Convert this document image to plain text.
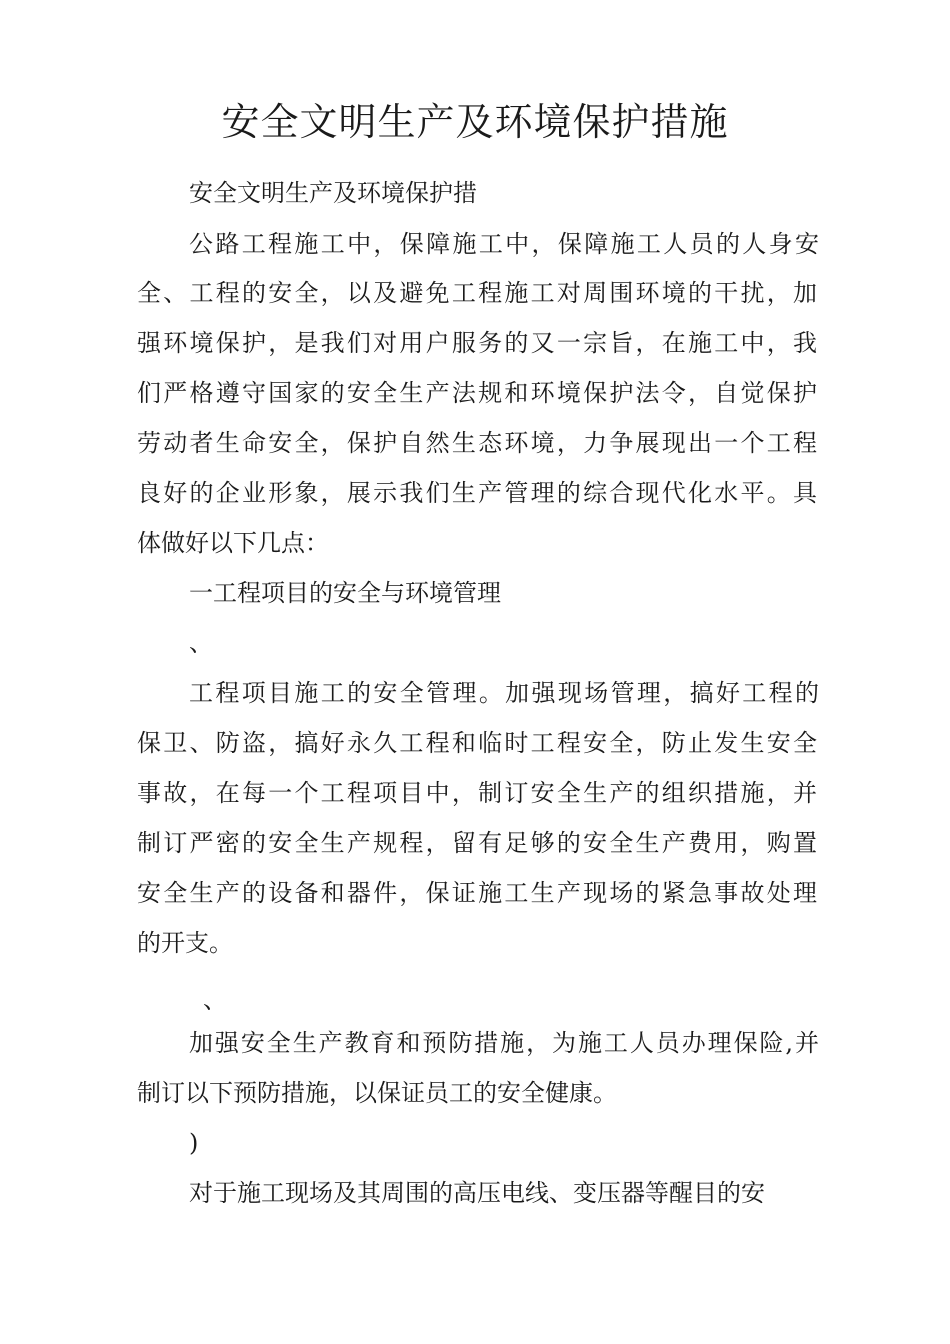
安全文明生产及环境保护措施
安全文明生产及环境保护措
公路工程施工中，保障施工中，保障施工人员的人身安
全、工程的安全，以及避免工程施工对周围环境的干扰，加
强环境保护，是我们对用户服务的又一宗旨，在施工中，我
们严格遵守国家的安全生产法规和环境保护法令，自觉保护
劳动者生命安全，保护自然生态环境，力争展现出一个工程
良好的企业形象，展示我们生产管理的综合现代化水平。具
体做好以下几点：
一工程项目的安全与环境管理
、
工程项目施工的安全管理。加强现场管理，搞好工程的
保卫、防盗，搞好永久工程和临时工程安全，防止发生安全
事故，在每一个工程项目中，制订安全生产的组织措施，并
制订严密的安全生产规程，留有足够的安全生产费用，购置
安全生产的设备和器件，保证施工生产现场的紧急事故处理
的开支。
、
加强安全生产教育和预防措施，为施工人员办理保险,并
制订以下预防措施，以保证员工的安全健康。
)
对于施工现场及其周围的高压电线、变压器等醒目的安
